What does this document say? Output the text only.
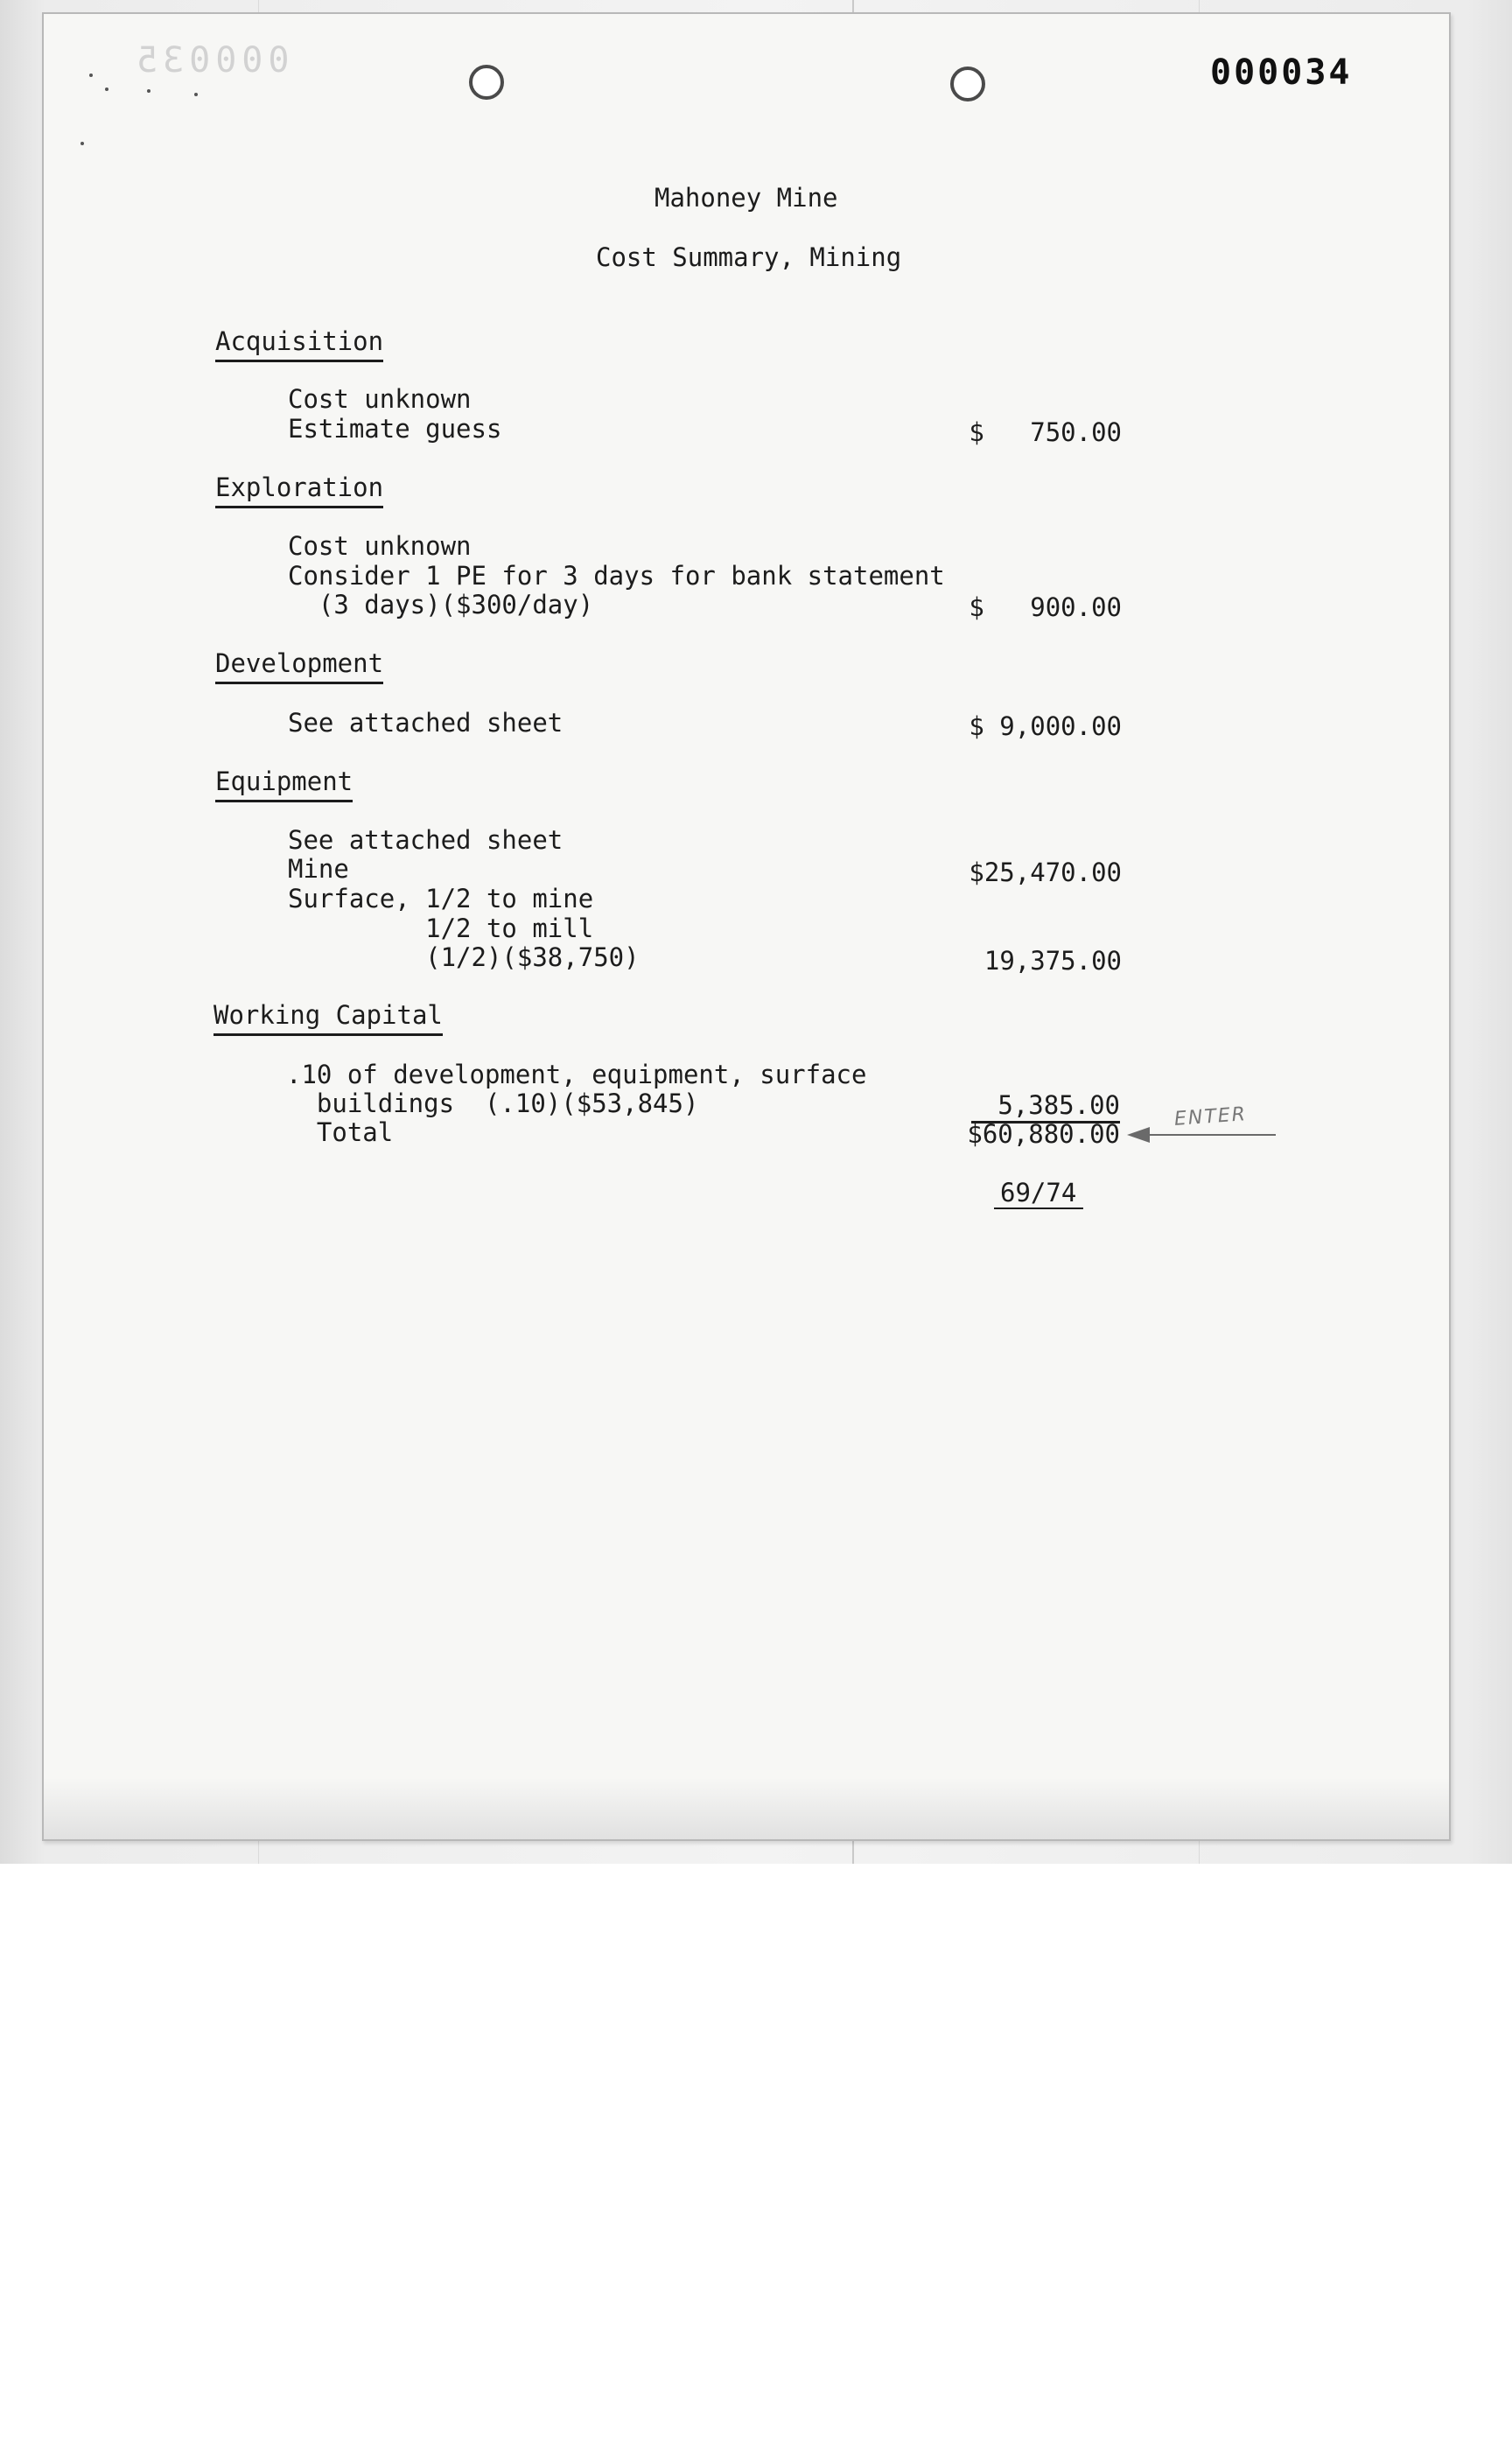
000035	000034
Mahoney Mine
Cost Summary, Mining
Acquisition
Cost unknown
Estimate guess	$   750.00
Exploration
Cost unknown
Consider 1 PE for 3 days for bank statement
(3 days)($300/day)	$   900.00
Development
See attached sheet	$ 9,000.00
Equipment
See attached sheet
Mine	$25,470.00
Surface, 1/2 to mine
1/2 to mill
(1/2)($38,750)	19,375.00
Working Capital
.10 of development, equipment, surface
buildings  (.10)($53,845)	5,385.00
Total	$60,880.00
ENTER
69/74
